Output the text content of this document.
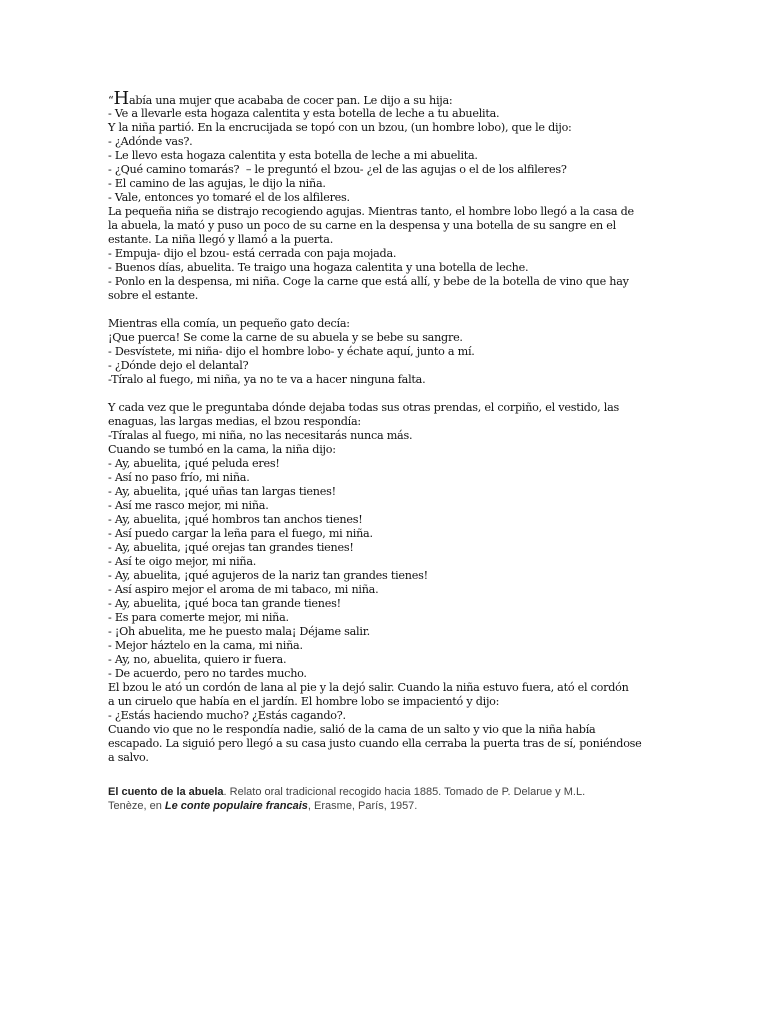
“Había una mujer que acababa de cocer pan. Le dijo a su hija:
- Ve a llevarle esta hogaza calentita y esta botella de leche a tu abuelita.
Y la niña partió. En la encrucijada se topó con un bzou, (un hombre lobo), que le dijo:
- ¿Adónde vas?.
- Le llevo esta hogaza calentita y esta botella de leche a mi abuelita.
- ¿Qué camino tomarás?  – le preguntó el bzou- ¿el de las agujas o el de los alfileres?
- El camino de las agujas, le dijo la niña.
- Vale, entonces yo tomaré el de los alfileres.
La pequeña niña se distrajo recogiendo agujas. Mientras tanto, el hombre lobo llegó a la casa de
la abuela, la mató y puso un poco de su carne en la despensa y una botella de su sangre en el
estante. La niña llegó y llamó a la puerta.
- Empuja- dijo el bzou- está cerrada con paja mojada.
- Buenos días, abuelita. Te traigo una hogaza calentita y una botella de leche.
- Ponlo en la despensa, mi niña. Coge la carne que está allí, y bebe de la botella de vino que hay
sobre el estante.
Mientras ella comía, un pequeño gato decía:
¡Que puerca! Se come la carne de su abuela y se bebe su sangre.
- Desvístete, mi niña- dijo el hombre lobo- y échate aquí, junto a mí.
- ¿Dónde dejo el delantal?
-Tíralo al fuego, mi niña, ya no te va a hacer ninguna falta.
Y cada vez que le preguntaba dónde dejaba todas sus otras prendas, el corpiño, el vestido, las
enaguas, las largas medias, el bzou respondía:
-Tíralas al fuego, mi niña, no las necesitarás nunca más.
Cuando se tumbó en la cama, la niña dijo:
- Ay, abuelita, ¡qué peluda eres!
- Así no paso frío, mi niña.
- Ay, abuelita, ¡qué uñas tan largas tienes!
- Así me rasco mejor, mi niña.
- Ay, abuelita, ¡qué hombros tan anchos tienes!
- Así puedo cargar la leña para el fuego, mi niña.
- Ay, abuelita, ¡qué orejas tan grandes tienes!
- Así te oigo mejor, mi niña.
- Ay, abuelita, ¡qué agujeros de la nariz tan grandes tienes!
- Así aspiro mejor el aroma de mi tabaco, mi niña.
- Ay, abuelita, ¡qué boca tan grande tienes!
- Es para comerte mejor, mi niña.
- ¡Oh abuelita, me he puesto mala¡ Déjame salir.
- Mejor háztelo en la cama, mi niña.
- Ay, no, abuelita, quiero ir fuera.
- De acuerdo, pero no tardes mucho.
El bzou le ató un cordón de lana al pie y la dejó salir. Cuando la niña estuvo fuera, ató el cordón
a un ciruelo que había en el jardín. El hombre lobo se impacientó y dijo:
- ¿Estás haciendo mucho? ¿Estás cagando?.
Cuando vio que no le respondía nadie, salió de la cama de un salto y vio que la niña había
escapado. La siguió pero llegó a su casa justo cuando ella cerraba la puerta tras de sí, poniéndose
a salvo.
El cuento de la abuela. Relato oral tradicional recogido hacia 1885. Tomado de P. Delarue y M.L.
Tenèze, en Le conte populaire francais, Erasme, París, 1957.
